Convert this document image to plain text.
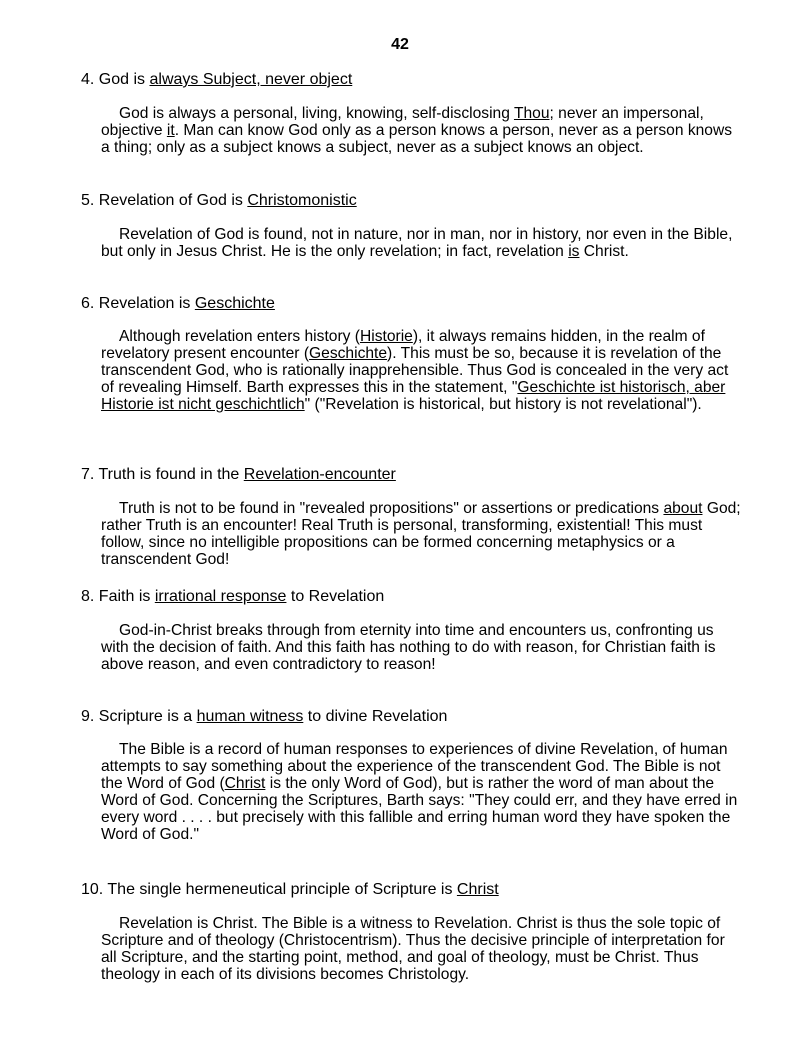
42
4. God is always Subject, never object
God is always a personal, living, knowing, self-disclosing Thou; never an impersonal, objective it. Man can know God only as a person knows a person, never as a person knows a thing; only as a subject knows a subject, never as a subject knows an object.
5. Revelation of God is Christomonistic
Revelation of God is found, not in nature, nor in man, nor in history, nor even in the Bible, but only in Jesus Christ. He is the only revelation; in fact, revelation is Christ.
6. Revelation is Geschichte
Although revelation enters history (Historie), it always remains hidden, in the realm of revelatory present encounter (Geschichte). This must be so, because it is revelation of the transcendent God, who is rationally inapprehensible. Thus God is concealed in the very act of revealing Himself. Barth expresses this in the statement, "Geschichte ist historisch, aber Historie ist nicht geschichtlich" ("Revelation is historical, but history is not revelational").
7. Truth is found in the Revelation-encounter
Truth is not to be found in "revealed propositions" or assertions or predications about God; rather Truth is an encounter! Real Truth is personal, transforming, existential! This must follow, since no intelligible propositions can be formed concerning metaphysics or a transcendent God!
8. Faith is irrational response to Revelation
God-in-Christ breaks through from eternity into time and encounters us, confronting us with the decision of faith. And this faith has nothing to do with reason, for Christian faith is above reason, and even contradictory to reason!
9. Scripture is a human witness to divine Revelation
The Bible is a record of human responses to experiences of divine Revelation, of human attempts to say something about the experience of the transcendent God. The Bible is not the Word of God (Christ is the only Word of God), but is rather the word of man about the Word of God. Concerning the Scriptures, Barth says: "They could err, and they have erred in every word . . . . but precisely with this fallible and erring human word they have spoken the Word of God."
10. The single hermeneutical principle of Scripture is Christ
Revelation is Christ. The Bible is a witness to Revelation. Christ is thus the sole topic of Scripture and of theology (Christocentrism). Thus the decisive principle of interpretation for all Scripture, and the starting point, method, and goal of theology, must be Christ. Thus theology in each of its divisions becomes Christology.
